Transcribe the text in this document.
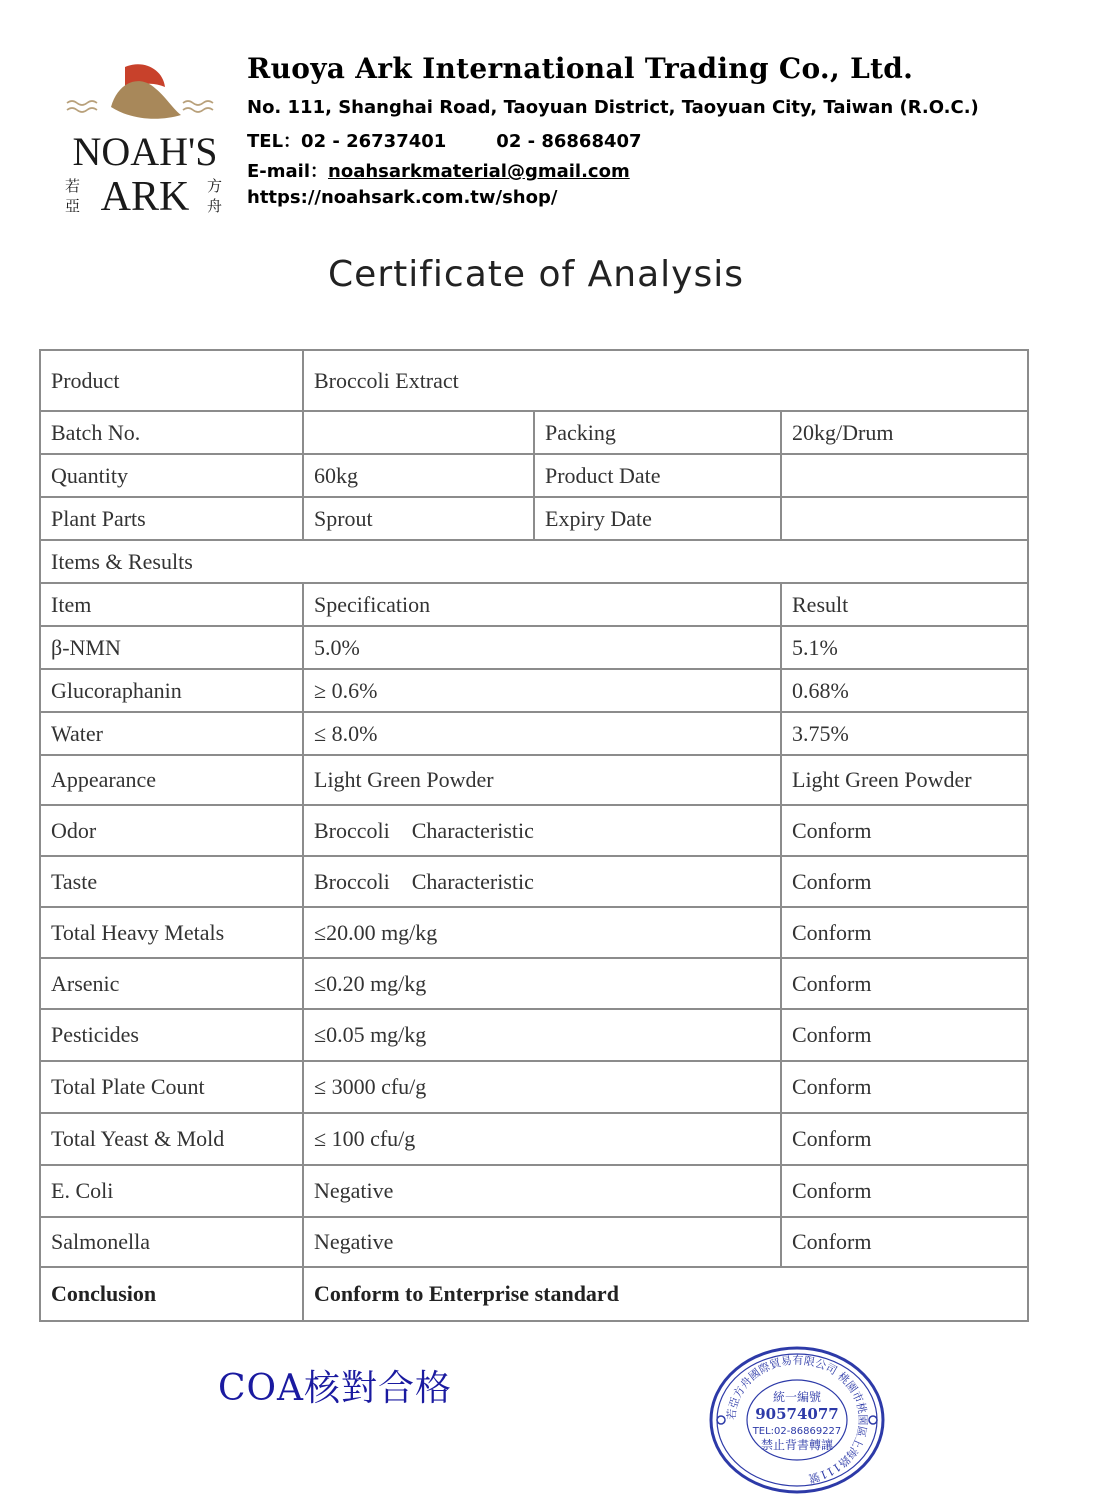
NOAH'S
ARK
若
亞
方
舟
Ruoya Ark International Trading Co., Ltd.
No. 111, Shanghai Road, Taoyuan District, Taoyuan City, Taiwan (R.O.C.)
TEL：02 - 26737401	02 - 86868407
E-mail：noahsarkmaterial@gmail.com
https://noahsark.com.tw/shop/
Certificate of Analysis
Product	Broccoli Extract		
Batch No.		Packing	20kg/Drum
Quantity	60kg	Product Date	
Plant Parts	Sprout	Expiry Date	
Items & Results			
Item	Specification		Result
β-NMN	5.0%		5.1%
Glucoraphanin	≥ 0.6%		0.68%
Water	≤ 8.0%		3.75%
Appearance	Light Green Powder		Light Green Powder
Odor	Broccoli    Characteristic		Conform
Taste	Broccoli    Characteristic		Conform
Total Heavy Metals	≤20.00 mg/kg		Conform
Arsenic	≤0.20 mg/kg		Conform
Pesticides	≤0.05 mg/kg		Conform
Total Plate Count	≤ 3000 cfu/g		Conform
Total Yeast & Mold	≤ 100 cfu/g		Conform
E. Coli	Negative		Conform
Salmonella	Negative		Conform
Conclusion	Conform to Enterprise standard		
COA核對合格
若亞方舟國際貿易有限公司 桃園市桃園區上海路111號
統一編號
90574077
TEL:02-86869227
禁止背書轉讓
